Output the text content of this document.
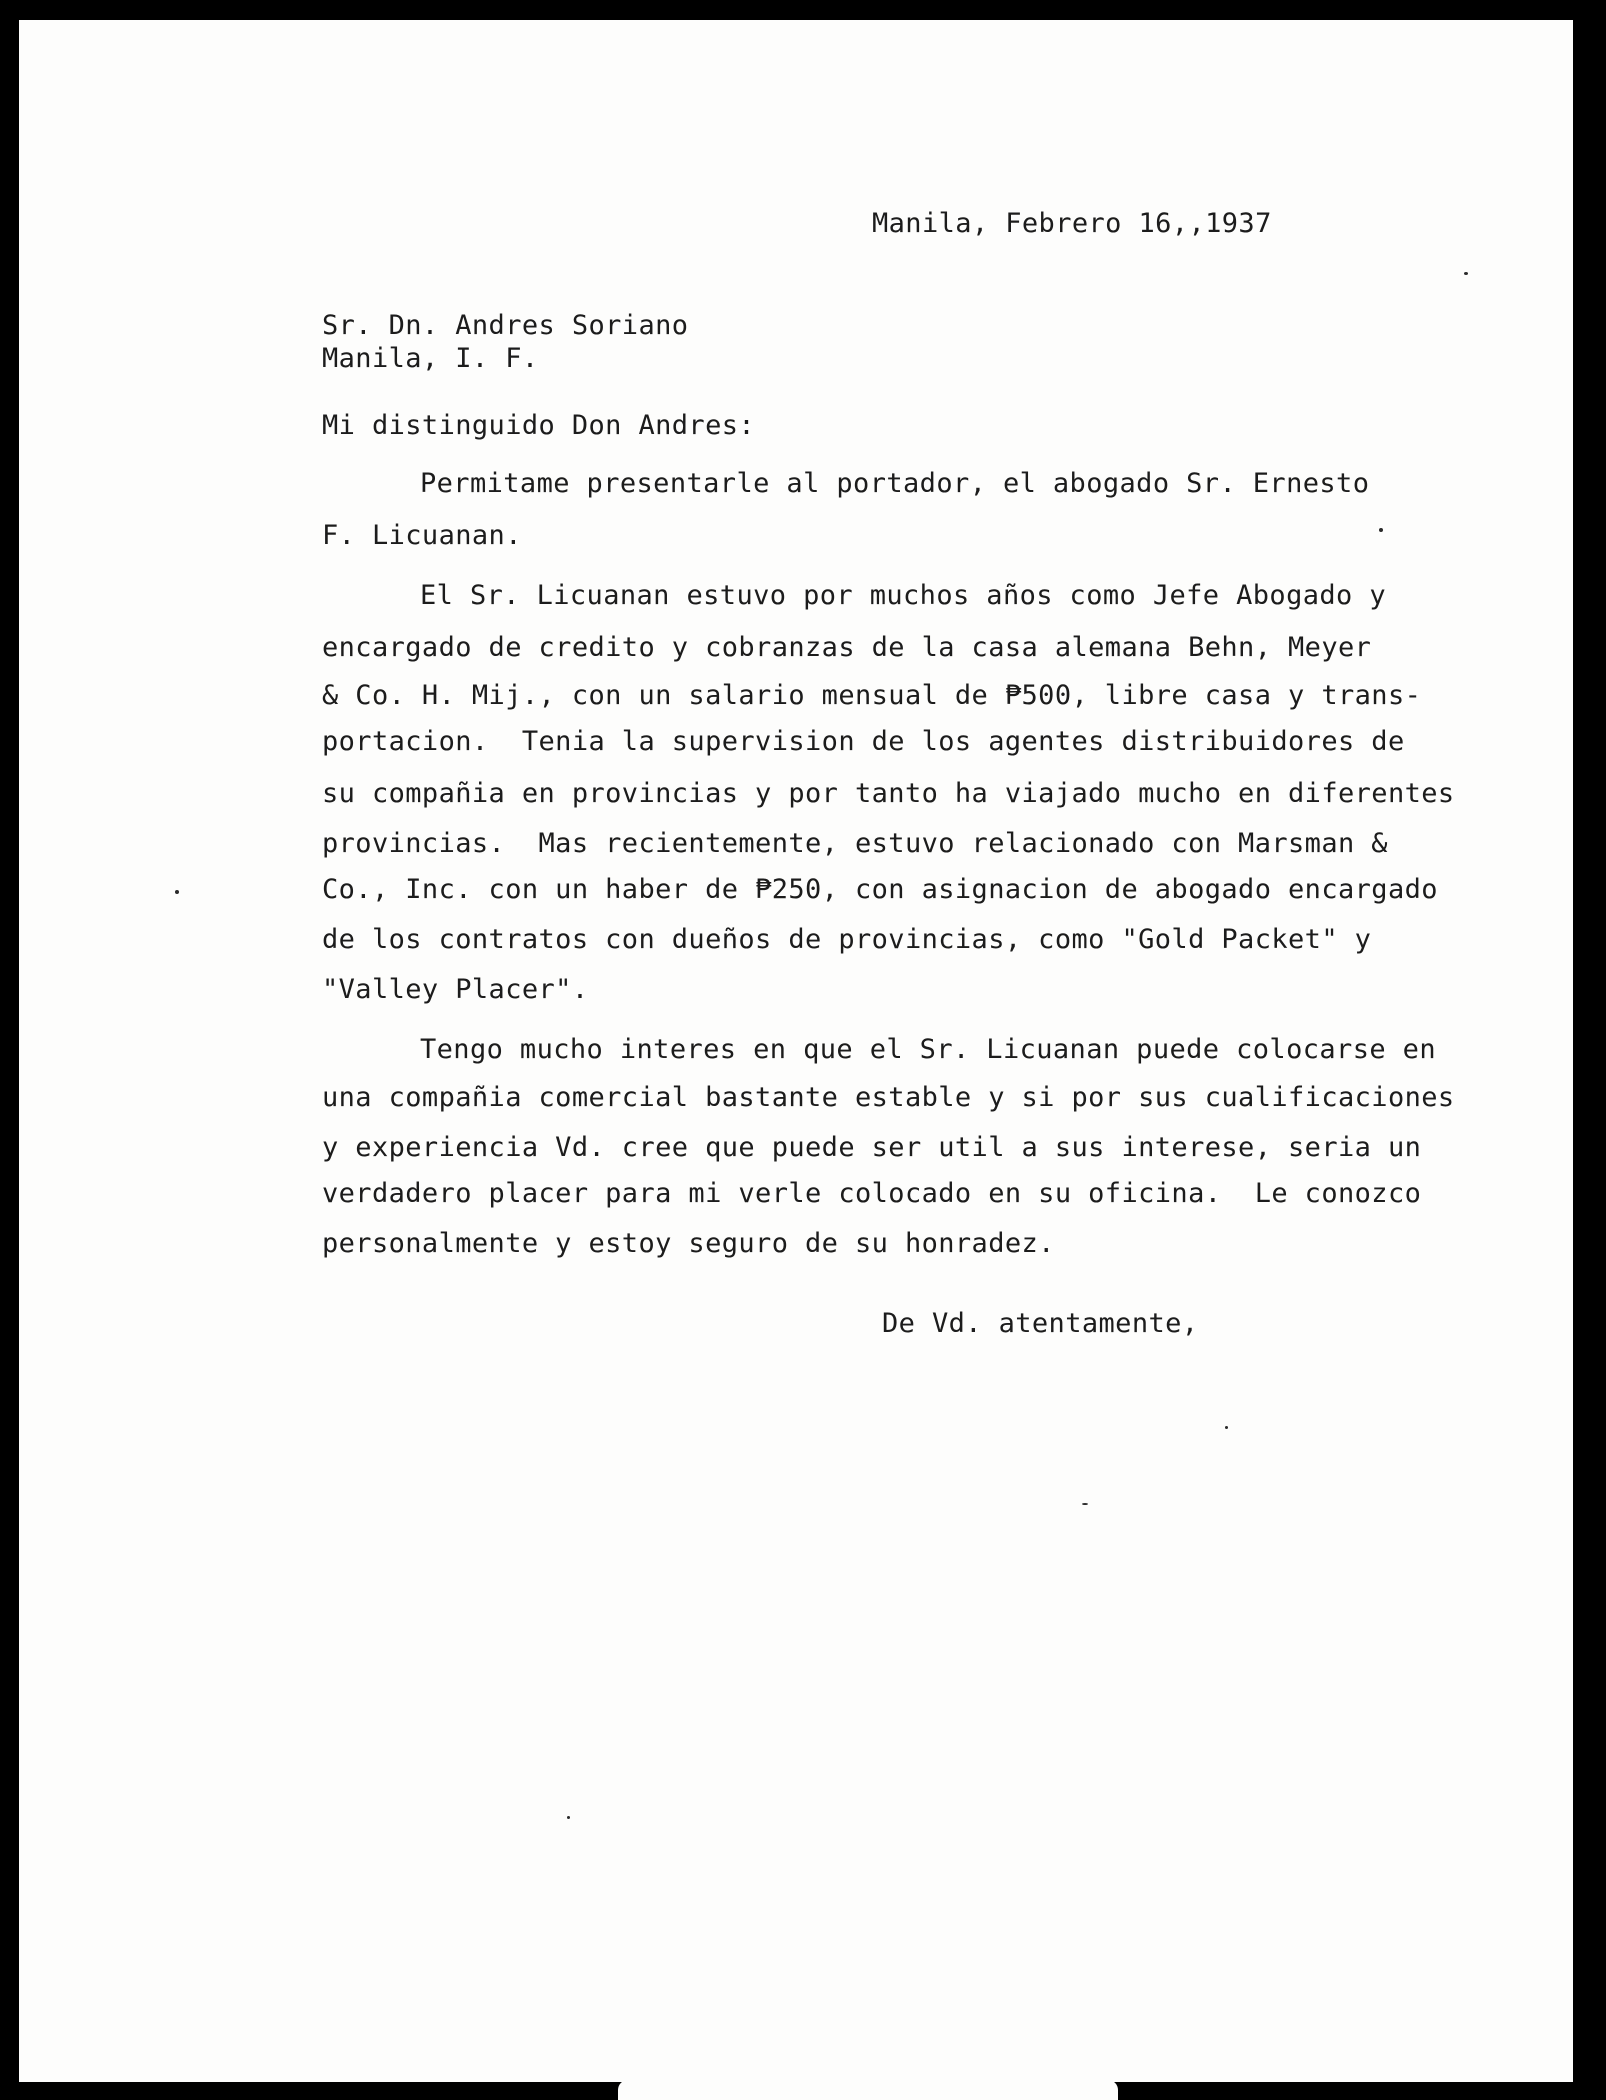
Manila, Febrero 16,,1937
Sr. Dn. Andres Soriano
Manila, I. F.
Mi distinguido Don Andres:
Permitame presentarle al portador, el abogado Sr. Ernesto
F. Licuanan.
El Sr. Licuanan estuvo por muchos años como Jefe Abogado y
encargado de credito y cobranzas de la casa alemana Behn, Meyer
& Co. H. Mij., con un salario mensual de ₱500, libre casa y trans-
portacion.  Tenia la supervision de los agentes distribuidores de
su compañia en provincias y por tanto ha viajado mucho en diferentes
provincias.  Mas recientemente, estuvo relacionado con Marsman &
Co., Inc. con un haber de ₱250, con asignacion de abogado encargado
de los contratos con dueños de provincias, como "Gold Packet" y
"Valley Placer".
Tengo mucho interes en que el Sr. Licuanan puede colocarse en
una compañia comercial bastante estable y si por sus cualificaciones
y experiencia Vd. cree que puede ser util a sus interese, seria un
verdadero placer para mi verle colocado en su oficina.  Le conozco
personalmente y estoy seguro de su honradez.
De Vd. atentamente,
